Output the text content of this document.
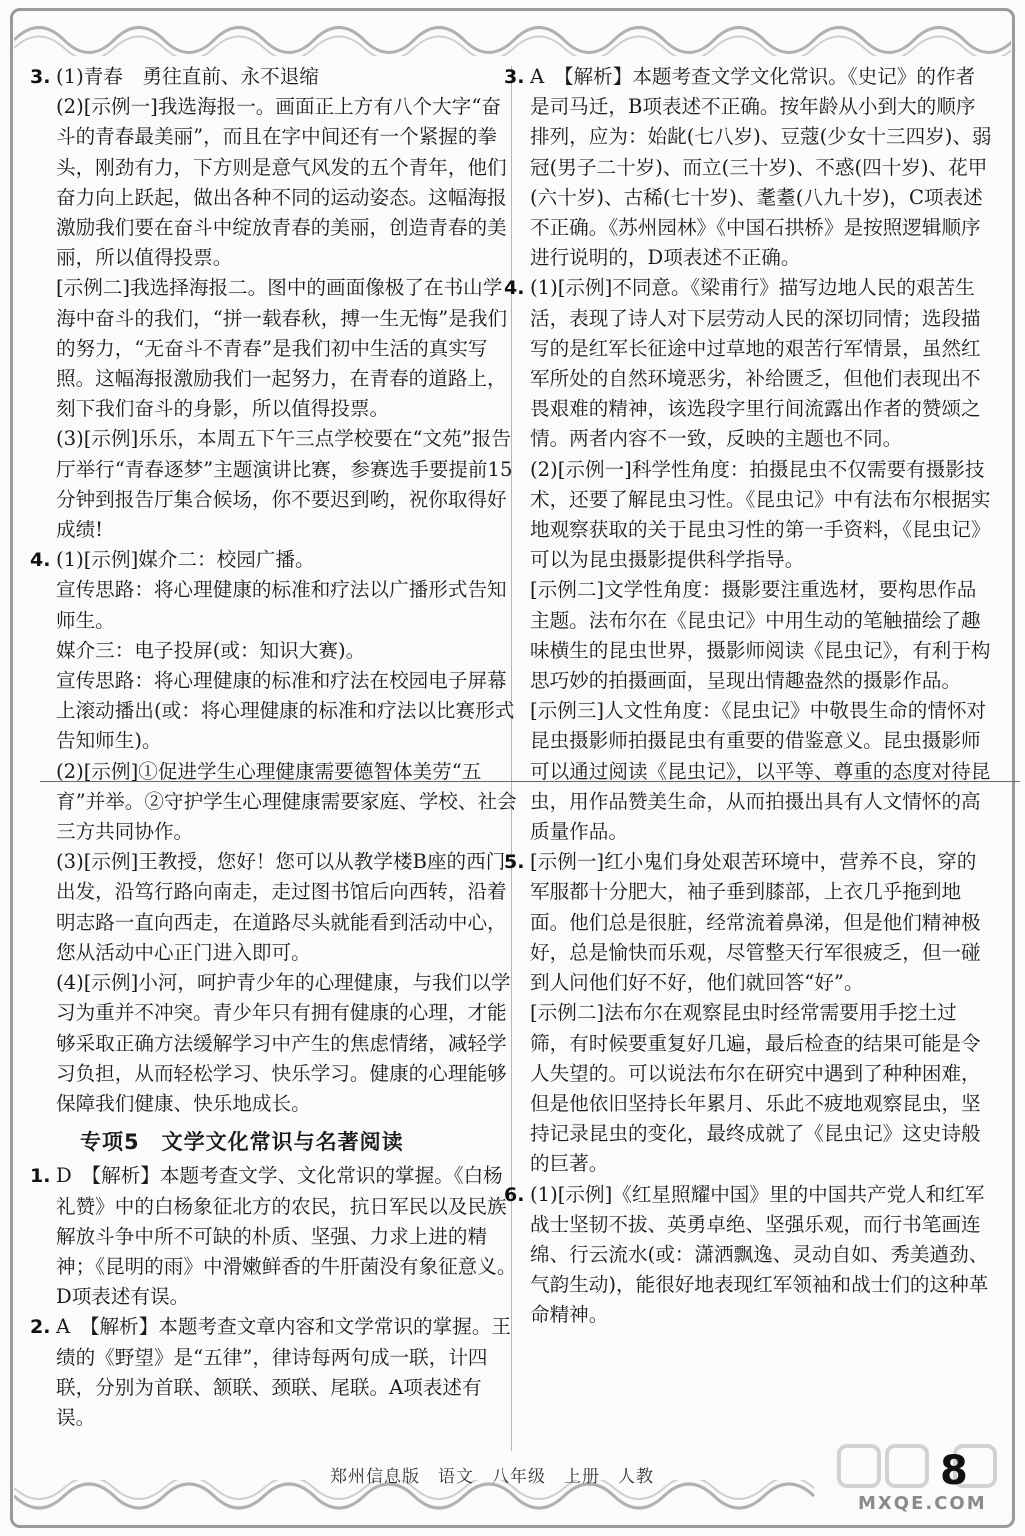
3. (1)青春　勇往直前、永不退缩
(2)[示例一]我选海报一。画面正上方有八个大字“奋斗的青春最美丽”，而且在字中间还有一个紧握的拳头，刚劲有力，下方则是意气风发的五个青年，他们奋力向上跃起，做出各种不同的运动姿态。这幅海报激励我们要在奋斗中绽放青春的美丽，创造青春的美丽，所以值得投票。
[示例二]我选择海报二。图中的画面像极了在书山学海中奋斗的我们，“拼一载春秋，搏一生无悔”是我们的努力，“无奋斗不青春”是我们初中生活的真实写照。这幅海报激励我们一起努力，在青春的道路上，刻下我们奋斗的身影，所以值得投票。
(3)[示例]乐乐，本周五下午三点学校要在“文苑”报告厅举行“青春逐梦”主题演讲比赛，参赛选手要提前15分钟到报告厅集合候场，你不要迟到哟，祝你取得好成绩!
4. (1)[示例]媒介二：校园广播。
宣传思路：将心理健康的标准和疗法以广播形式告知师生。
媒介三：电子投屏(或：知识大赛)。
宣传思路：将心理健康的标准和疗法在校园电子屏幕上滚动播出(或：将心理健康的标准和疗法以比赛形式告知师生)。
(2)[示例]①促进学生心理健康需要德智体美劳“五育”并举。②守护学生心理健康需要家庭、学校、社会三方共同协作。
(3)[示例]王教授，您好！您可以从教学楼B座的西门出发，沿笃行路向南走，走过图书馆后向西转，沿着明志路一直向西走，在道路尽头就能看到活动中心，您从活动中心正门进入即可。
(4)[示例]小河，呵护青少年的心理健康，与我们以学习为重并不冲突。青少年只有拥有健康的心理，才能够采取正确方法缓解学习中产生的焦虑情绪，减轻学习负担，从而轻松学习、快乐学习。健康的心理能够保障我们健康、快乐地成长。
专项5　文学文化常识与名著阅读
1. D　【解析】本题考查文学、文化常识的掌握。《白杨礼赞》中的白杨象征北方的农民，抗日军民以及民族解放斗争中所不可缺的朴质、坚强、力求上进的精神；《昆明的雨》中滑嫩鲜香的牛肝菌没有象征意义。D项表述有误。
2. A　【解析】本题考查文章内容和文学常识的掌握。王绩的《野望》是“五律”，律诗每两句成一联，计四联，分别为首联、颔联、颈联、尾联。A项表述有误。
3. A　【解析】本题考查文学文化常识。《史记》的作者是司马迁，B项表述不正确。按年龄从小到大的顺序排列，应为：始龀(七八岁)、豆蔻(少女十三四岁)、弱冠(男子二十岁)、而立(三十岁)、不惑(四十岁)、花甲(六十岁)、古稀(七十岁)、耄耋(八九十岁)，C项表述不正确。《苏州园林》《中国石拱桥》是按照逻辑顺序进行说明的，D项表述不正确。
4. (1)[示例]不同意。《梁甫行》描写边地人民的艰苦生活，表现了诗人对下层劳动人民的深切同情；选段描写的是红军长征途中过草地的艰苦行军情景，虽然红军所处的自然环境恶劣，补给匮乏，但他们表现出不畏艰难的精神，该选段字里行间流露出作者的赞颂之情。两者内容不一致，反映的主题也不同。
(2)[示例一]科学性角度：拍摄昆虫不仅需要有摄影技术，还要了解昆虫习性。《昆虫记》中有法布尔根据实地观察获取的关于昆虫习性的第一手资料，《昆虫记》可以为昆虫摄影提供科学指导。
[示例二]文学性角度：摄影要注重选材，要构思作品主题。法布尔在《昆虫记》中用生动的笔触描绘了趣味横生的昆虫世界，摄影师阅读《昆虫记》，有利于构思巧妙的拍摄画面，呈现出情趣盎然的摄影作品。
[示例三]人文性角度：《昆虫记》中敬畏生命的情怀对昆虫摄影师拍摄昆虫有重要的借鉴意义。昆虫摄影师可以通过阅读《昆虫记》，以平等、尊重的态度对待昆虫，用作品赞美生命，从而拍摄出具有人文情怀的高质量作品。
5. [示例一]红小鬼们身处艰苦环境中，营养不良，穿的军服都十分肥大，袖子垂到膝部，上衣几乎拖到地面。他们总是很脏，经常流着鼻涕，但是他们精神极好，总是愉快而乐观，尽管整天行军很疲乏，但一碰到人问他们好不好，他们就回答“好”。
[示例二]法布尔在观察昆虫时经常需要用手挖土过筛，有时候要重复好几遍，最后检查的结果可能是令人失望的。可以说法布尔在研究中遇到了种种困难，但是他依旧坚持长年累月、乐此不疲地观察昆虫，坚持记录昆虫的变化，最终成就了《昆虫记》这史诗般的巨著。
6. (1)[示例]《红星照耀中国》里的中国共产党人和红军战士坚韧不拔、英勇卓绝、坚强乐观，而行书笔画连绵、行云流水(或：潇洒飘逸、灵动自如、秀美遒劲、气韵生动)，能很好地表现红军领袖和战士们的这种革命精神。
郑州信息版　语文　八年级　上册　人教	8
MXQE.COM
